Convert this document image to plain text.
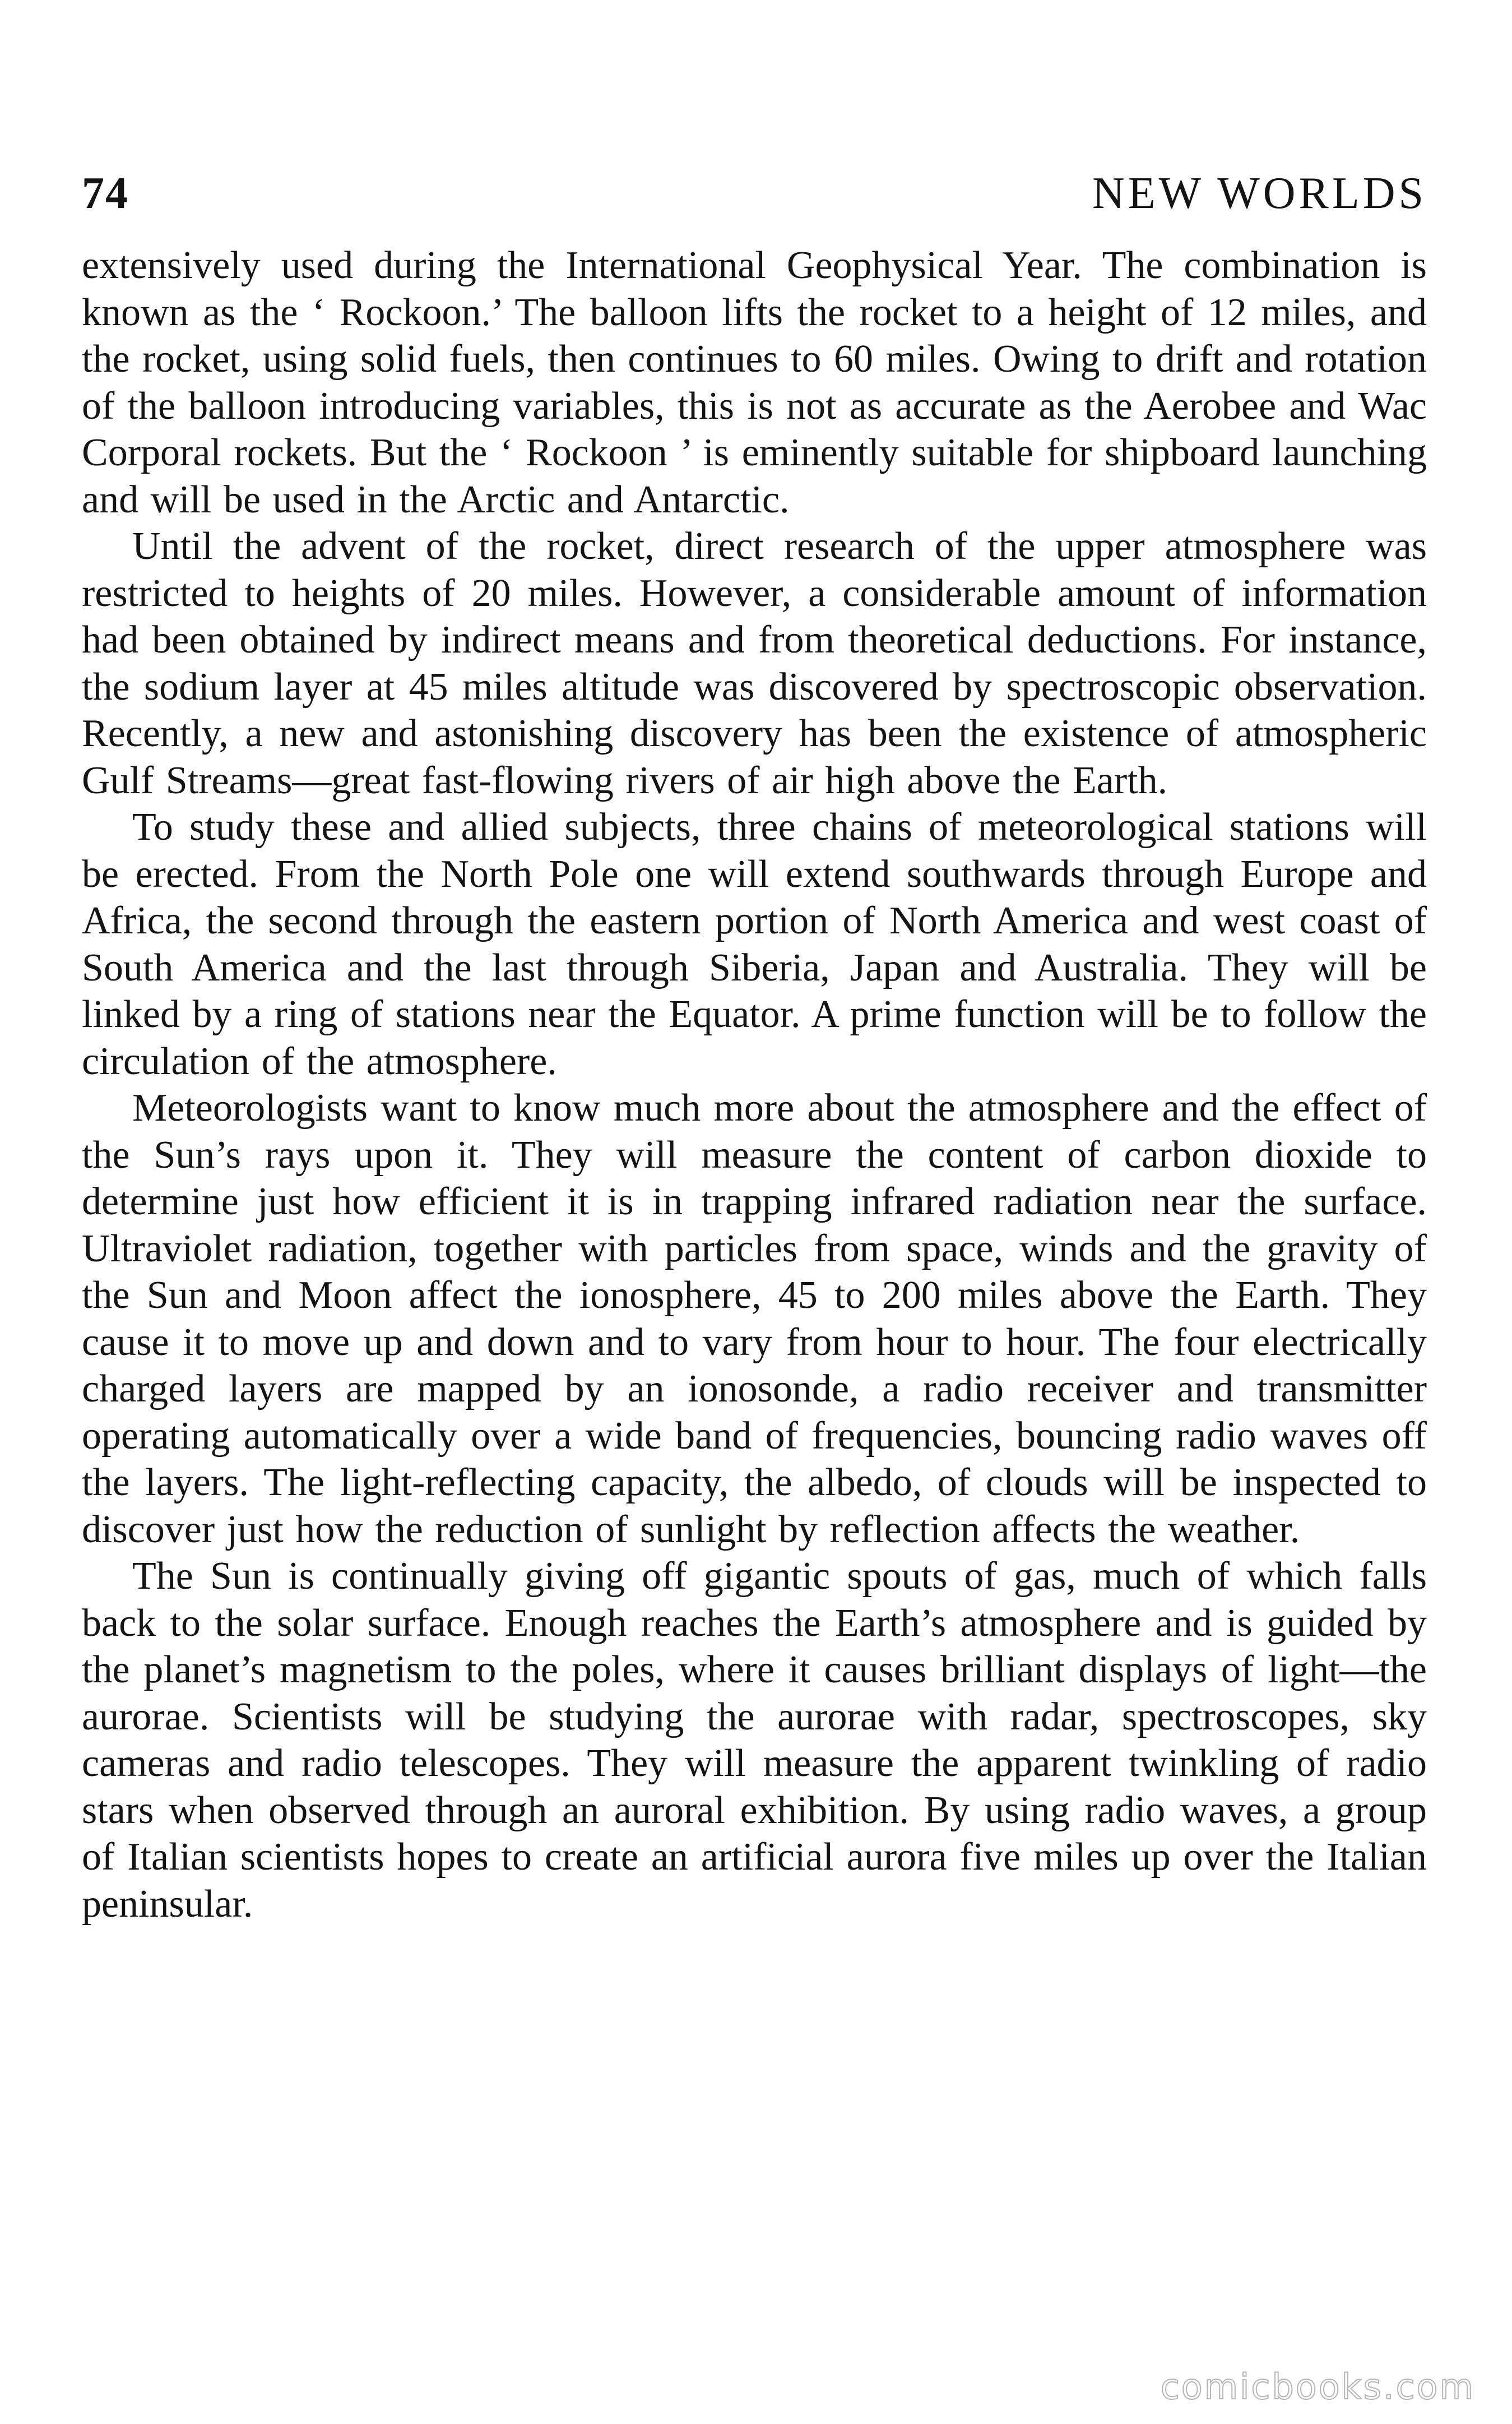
74	NEW WORLDS

extensively used during the International Geophysical Year. The combination is known as the ‘ Rockoon.’ The balloon lifts the rocket to a height of 12 miles, and the rocket, using solid fuels, then continues to 60 miles. Owing to drift and rotation of the balloon introducing variables, this is not as accurate as the Aerobee and Wac Corporal rockets. But the ‘ Rockoon ’ is eminently suitable for shipboard launching and will be used in the Arctic and Antarctic.

Until the advent of the rocket, direct research of the upper atmosphere was restricted to heights of 20 miles. However, a considerable amount of information had been obtained by indirect means and from theoretical deductions. For instance, the sodium layer at 45 miles altitude was discovered by spectroscopic observation. Recently, a new and astonishing discovery has been the existence of atmospheric Gulf Streams—great fast-flowing rivers of air high above the Earth.

To study these and allied subjects, three chains of meteorological stations will be erected. From the North Pole one will extend southwards through Europe and Africa, the second through the eastern portion of North America and west coast of South America and the last through Siberia, Japan and Australia. They will be linked by a ring of stations near the Equator. A prime function will be to follow the circulation of the atmosphere.

Meteorologists want to know much more about the atmosphere and the effect of the Sun’s rays upon it. They will measure the content of carbon dioxide to determine just how efficient it is in trapping infrared radiation near the surface. Ultraviolet radiation, together with particles from space, winds and the gravity of the Sun and Moon affect the ionosphere, 45 to 200 miles above the Earth. They cause it to move up and down and to vary from hour to hour. The four electrically charged layers are mapped by an ionosonde, a radio receiver and transmitter operating automatically over a wide band of frequencies, bouncing radio waves off the layers. The light-reflecting capacity, the albedo, of clouds will be inspected to discover just how the reduction of sunlight by reflection affects the weather.

The Sun is continually giving off gigantic spouts of gas, much of which falls back to the solar surface. Enough reaches the Earth’s atmosphere and is guided by the planet’s magnetism to the poles, where it causes brilliant displays of light—the aurorae. Scientists will be studying the aurorae with radar, spectroscopes, sky cameras and radio telescopes. They will measure the apparent twinkling of radio stars when observed through an auroral exhibition. By using radio waves, a group of Italian scientists hopes to create an artificial aurora five miles up over the Italian peninsular.

comicbooks.com
